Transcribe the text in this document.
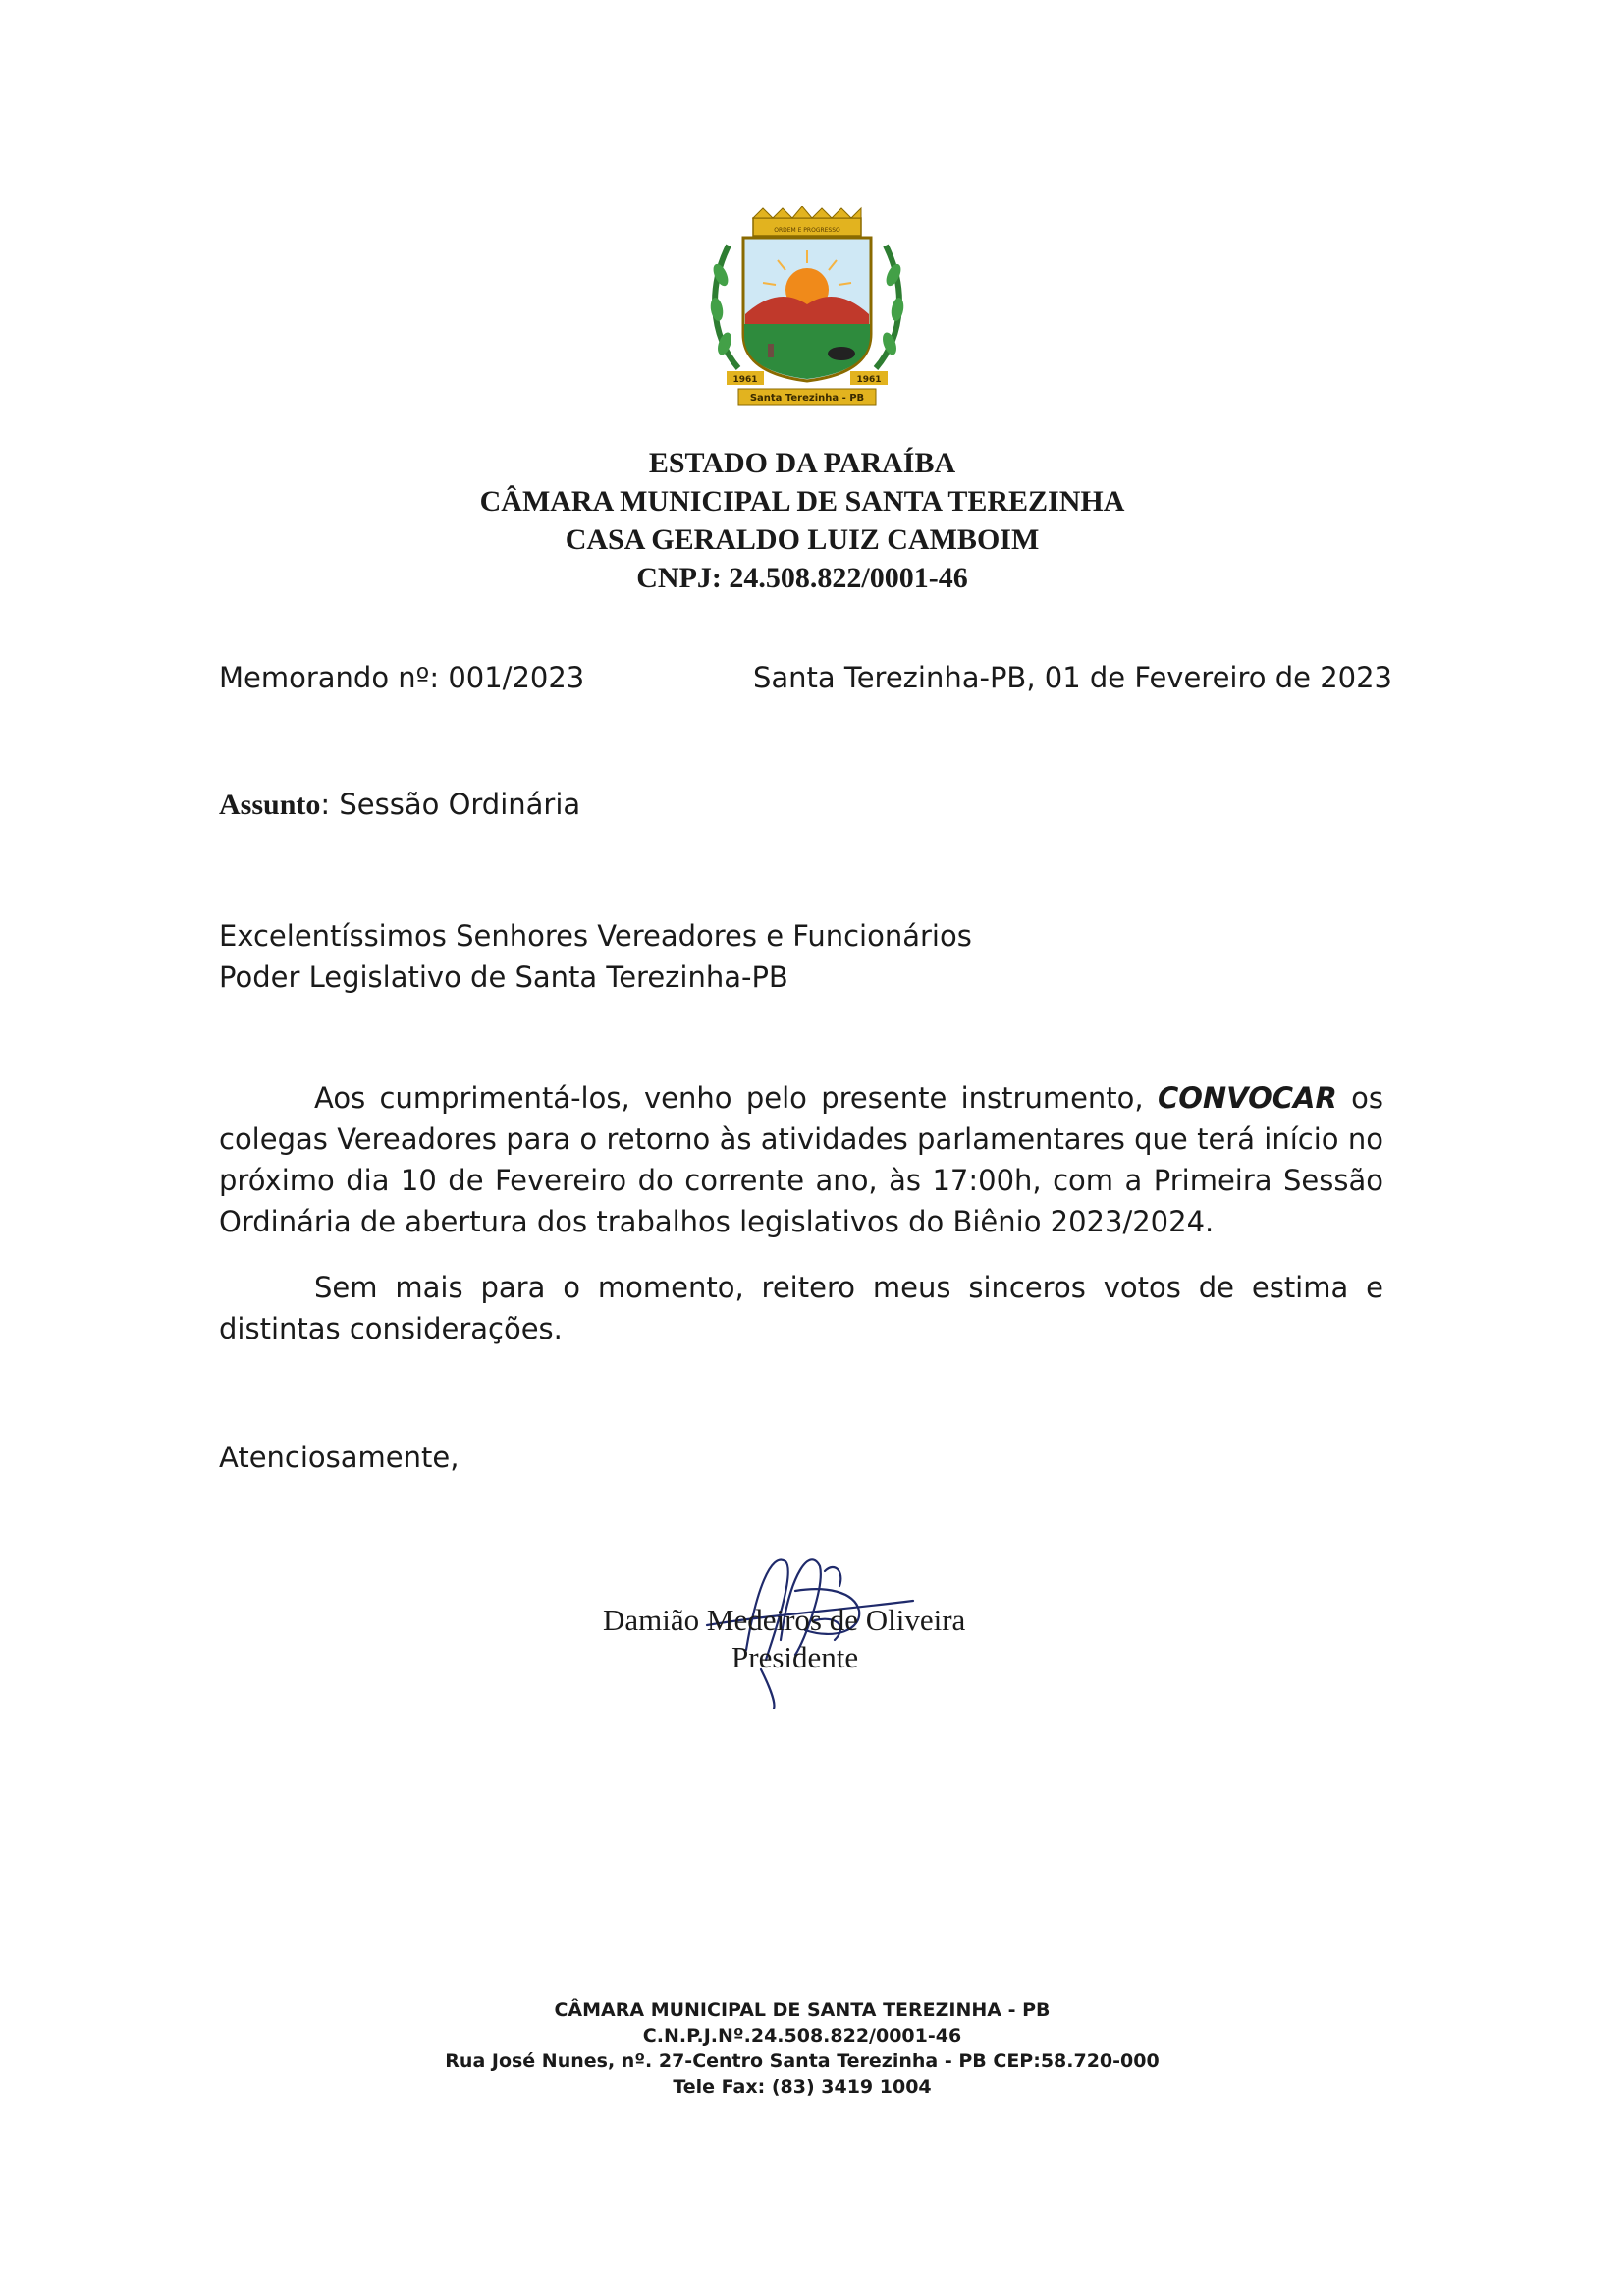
ORDEM E PROGRESSO
1961	1961
Santa Terezinha - PB
ESTADO DA PARAÍBA
CÂMARA MUNICIPAL DE SANTA TEREZINHA
CASA GERALDO LUIZ CAMBOIM
CNPJ: 24.508.822/0001-46
Memorando nº: 001/2023	Santa Terezinha-PB, 01 de Fevereiro de 2023
Assunto: Sessão Ordinária
Excelentíssimos Senhores Vereadores e Funcionários
Poder Legislativo de Santa Terezinha-PB

Aos cumprimentá-los, venho pelo presente instrumento, CONVOCAR os colegas Vereadores para o retorno às atividades parlamentares que terá início no próximo dia 10 de Fevereiro do corrente ano, às 17:00h, com a Primeira Sessão Ordinária de abertura dos trabalhos legislativos do Biênio 2023/2024.

Sem mais para o momento, reitero meus sinceros votos de estima e distintas considerações.

Atenciosamente,
Damião Medeiros de Oliveira
Presidente
CÂMARA MUNICIPAL DE SANTA TEREZINHA - PB
C.N.P.J.Nº.24.508.822/0001-46
Rua José Nunes, nº. 27-Centro Santa Terezinha - PB CEP:58.720-000
Tele Fax: (83) 3419 1004
